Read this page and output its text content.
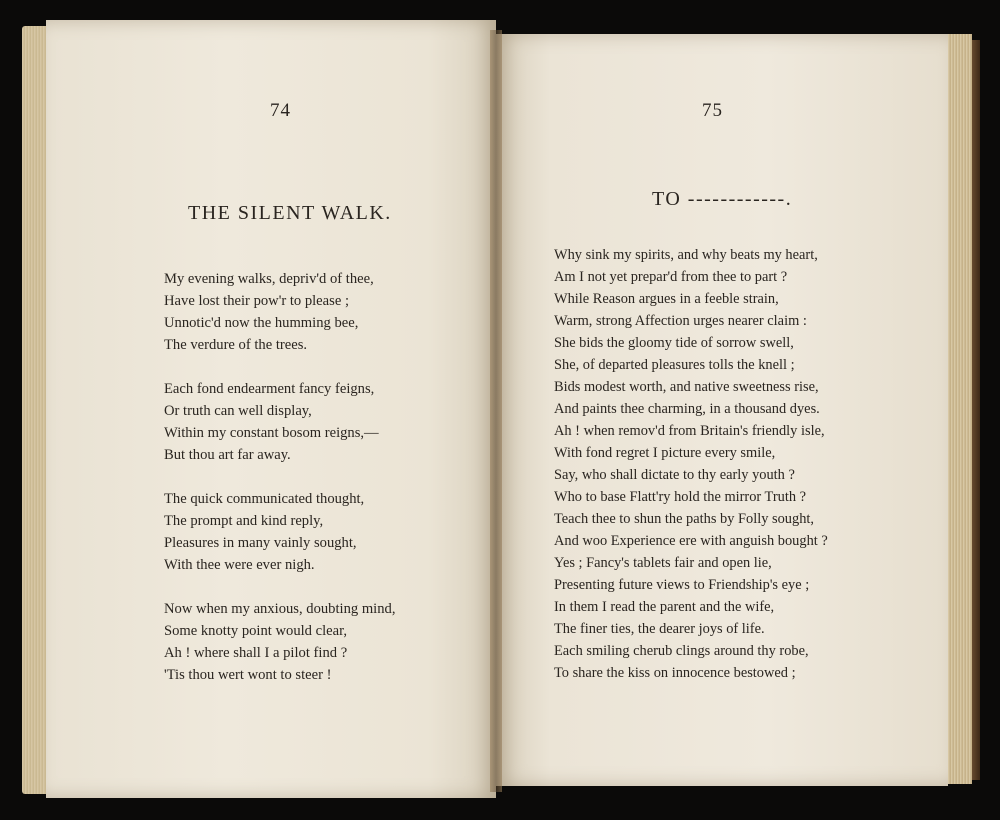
74
THE SILENT WALK.
My evening walks, depriv'd of thee,
Have lost their pow'r to please ;
Unnotic'd now the humming bee,
The verdure of the trees.
Each fond endearment fancy feigns,
Or truth can well display,
Within my constant bosom reigns,—
But thou art far away.
The quick communicated thought,
The prompt and kind reply,
Pleasures in many vainly sought,
With thee were ever nigh.
Now when my anxious, doubting mind,
Some knotty point would clear,
Ah ! where shall I a pilot find ?
'Tis thou wert wont to steer !
75
TO ------------.
Why sink my spirits, and why beats my heart,
Am I not yet prepar'd from thee to part ?
While Reason argues in a feeble strain,
Warm, strong Affection urges nearer claim :
She bids the gloomy tide of sorrow swell,
She, of departed pleasures tolls the knell ;
Bids modest worth, and native sweetness rise,
And paints thee charming, in a thousand dyes.
Ah ! when remov'd from Britain's friendly isle,
With fond regret I picture every smile,
Say, who shall dictate to thy early youth ?
Who to base Flatt'ry hold the mirror Truth ?
Teach thee to shun the paths by Folly sought,
And woo Experience ere with anguish bought ?
Yes ; Fancy's tablets fair and open lie,
Presenting future views to Friendship's eye ;
In them I read the parent and the wife,
The finer ties, the dearer joys of life.
Each smiling cherub clings around thy robe,
To share the kiss on innocence bestowed ;
